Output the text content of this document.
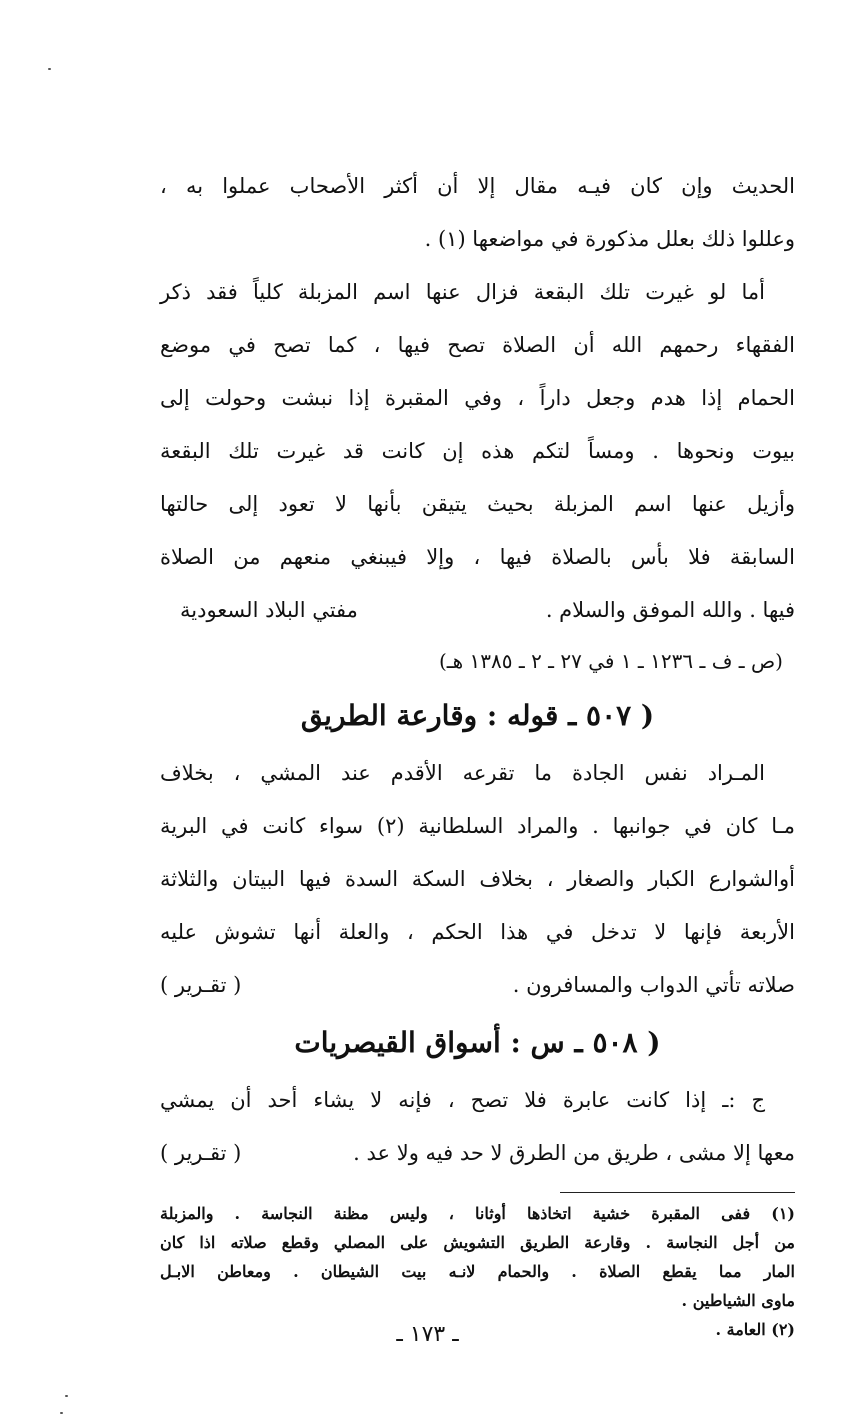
الحديث وإن كان فيـه مقال إلا أن أكثر الأصحاب عملوا به ،
وعللوا ذلك بعلل مذكورة في مواضعها (١) .
أما لو غيرت تلك البقعة فزال عنها اسم المزبلة كلياً فقد ذكر
الفقهاء رحمهم الله أن الصلاة تصح فيها ، كما تصح في موضع
الحمام إذا هدم وجعل داراً ، وفي المقبرة إذا نبشت وحولت إلى
بيوت ونحوها . ومساً لتكم هذه إن كانت قد غيرت تلك البقعة
وأزيل عنها اسم المزبلة بحيث يتيقن بأنها لا تعود إلى حالتها
السابقة فلا بأس بالصلاة فيها ، وإلا فيبنغي منعهم من الصلاة
فيها . والله الموفق والسلام .
مفتي البلاد السعودية
(ص ـ ف ـ ١٢٣٦ ـ ١ في ٢٧ ـ ٢ ـ ١٣٨٥ هـ)
( ٥٠٧ ـ قوله : وقارعة الطريق
المـراد نفس الجادة ما تقرعه الأقدم عند المشي ، بخلاف
مـا كان في جوانبها . والمراد السلطانية (٢) سواء كانت في البرية
أوالشوارع الكبار والصغار ، بخلاف السكة السدة فيها البيتان والثلاثة
الأربعة فإنها لا تدخل في هذا الحكم ، والعلة أنها تشوش عليه
صلاته تأتي الدواب والمسافرون .
( تقـرير )
( ٥٠٨ ـ س : أسواق القيصريات
ج :ـ إذا كانت عابرة فلا تصح ، فإنه لا يشاء أحد أن يمشي
معها إلا مشى ، طريق من الطرق لا حد فيه ولا عد .
( تقـرير )
(١) ففى المقبرة خشية اتخاذها أوثانا ، وليس مظنة النجاسة . والمزبلة
من أجل النجاسة . وقارعة الطريق التشويش على المصلي وقطع صلاته اذا كان
المار مما يقطع الصلاة . والحمام لانـه بيت الشيطان . ومعاطن الابـل
ماوى الشياطين .
(٢) العامة .
ـ ١٧٣ ـ
